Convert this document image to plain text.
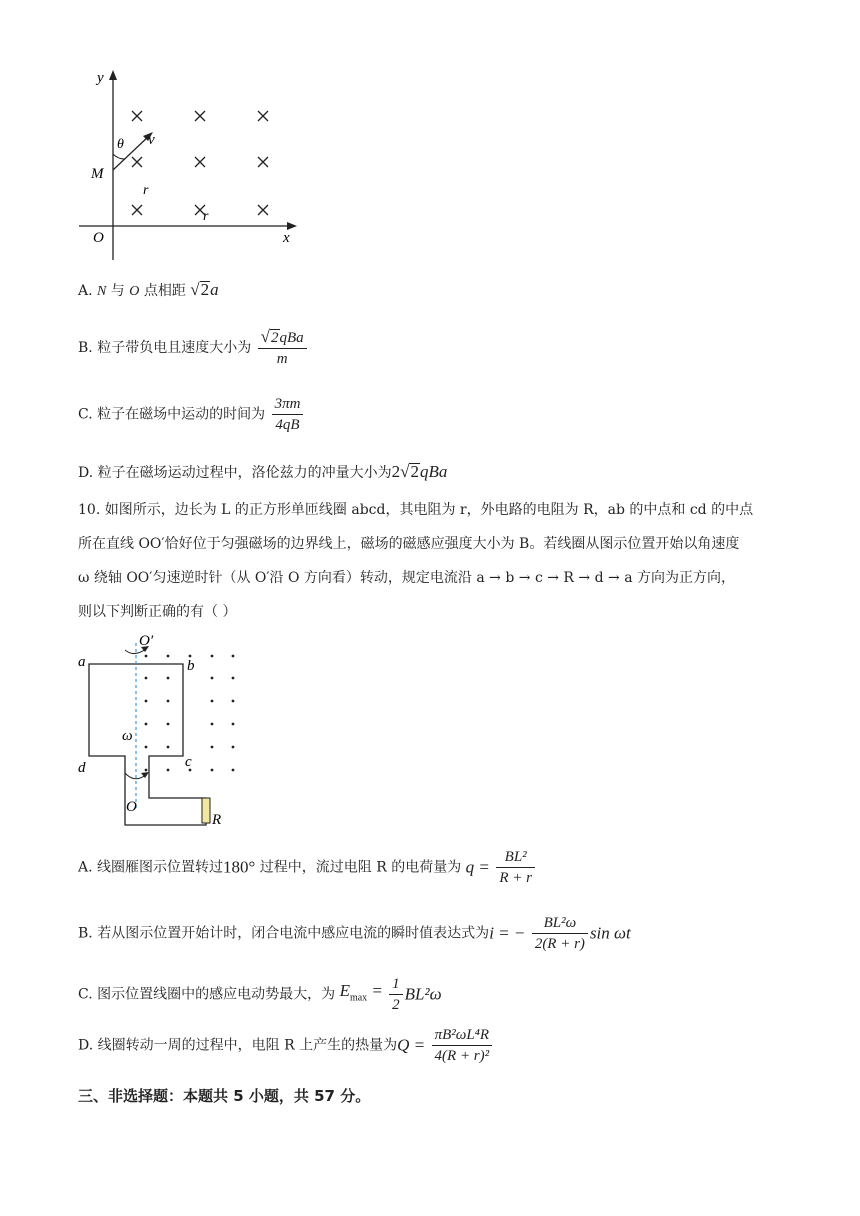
y
x
O
M
θ v
r
r
A. N 与 O 点相距 √2a
B. 粒子带负电且速度大小为 $\frac{\text{√2qBa}}{m}$
C. 粒子在磁场中运动的时间为 $\frac{3\pi m}{4qB}$
D. 粒子在磁场运动过程中，洛伦兹力的冲量大小为2√2qBa
10. 如图所示，边长为 L 的正方形单匝线圈 abcd，其电阻为 r，外电路的电阻为 R，ab 的中点和 cd 的中点
所在直线 OO′恰好位于匀强磁场的边界线上，磁场的磁感应强度大小为 B。若线圈从图示位置开始以角速度
ω 绕轴 OO′匀速逆时针（从 O′沿 O 方向看）转动，规定电流沿 a → b → c → R → d → a 方向为正方向，
则以下判断正确的有（ ）
a	b
c
d
O
O′
ω
R
A. 线圈雁图示位置转过180° 过程中，流过电阻 R 的电荷量为 $q = \frac{\text{BL²}}{R + r}$
B. 若从图示位置开始计时，闭合电流中感应电流的瞬时值表达式为i = − $\frac{\text{BL²ω}}{2(R + r)}$ sin ωt
C. 图示位置线圈中的感应电动势最大，为 $E_{max} = \frac{1}{2} BL^2\omega$
D. 线圈转动一周的过程中，电阻 R 上产生的热量为$Q = \frac{\text{πB²ωL⁴R}}{\text{4(R + r)²}}$
三、非选择题：本题共 5 小题，共 57 分。
